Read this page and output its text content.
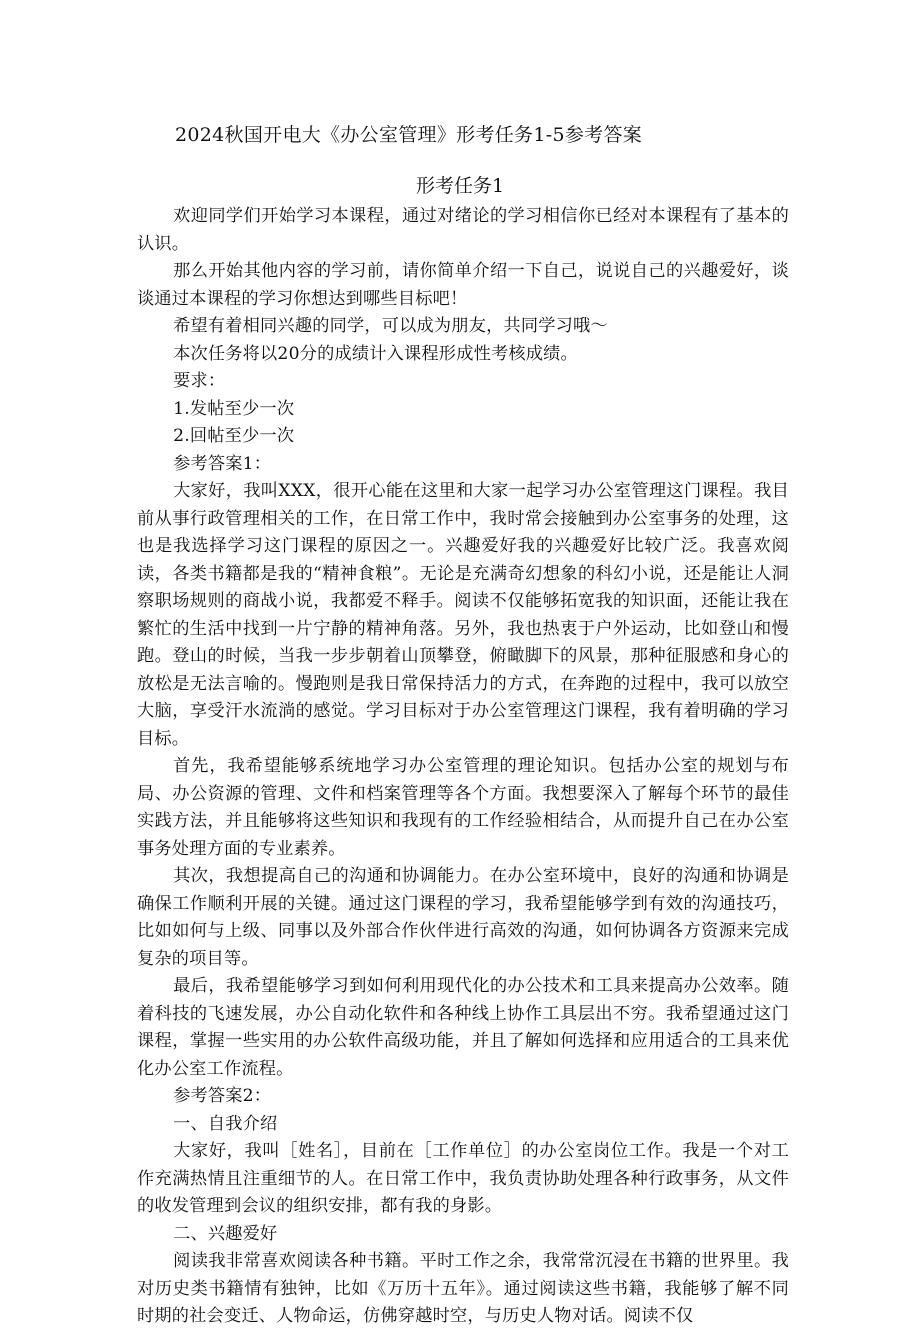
2024秋国开电大《办公室管理》形考任务1-5参考答案
形考任务1

欢迎同学们开始学习本课程，通过对绪论的学习相信你已经对本课程有了基本的认识。

那么开始其他内容的学习前，请你简单介绍一下自己，说说自己的兴趣爱好，谈谈通过本课程的学习你想达到哪些目标吧！

希望有着相同兴趣的同学，可以成为朋友，共同学习哦～

本次任务将以20分的成绩计入课程形成性考核成绩。

要求：

1.发帖至少一次

2.回帖至少一次

参考答案1：

大家好，我叫XXX，很开心能在这里和大家一起学习办公室管理这门课程。我目前从事行政管理相关的工作，在日常工作中，我时常会接触到办公室事务的处理，这也是我选择学习这门课程的原因之一。兴趣爱好我的兴趣爱好比较广泛。我喜欢阅读，各类书籍都是我的“精神食粮”。无论是充满奇幻想象的科幻小说，还是能让人洞察职场规则的商战小说，我都爱不释手。阅读不仅能够拓宽我的知识面，还能让我在繁忙的生活中找到一片宁静的精神角落。另外，我也热衷于户外运动，比如登山和慢跑。登山的时候，当我一步步朝着山顶攀登，俯瞰脚下的风景，那种征服感和身心的放松是无法言喻的。慢跑则是我日常保持活力的方式，在奔跑的过程中，我可以放空大脑，享受汗水流淌的感觉。学习目标对于办公室管理这门课程，我有着明确的学习目标。

首先，我希望能够系统地学习办公室管理的理论知识。包括办公室的规划与布局、办公资源的管理、文件和档案管理等各个方面。我想要深入了解每个环节的最佳实践方法，并且能够将这些知识和我现有的工作经验相结合，从而提升自己在办公室事务处理方面的专业素养。

其次，我想提高自己的沟通和协调能力。在办公室环境中，良好的沟通和协调是确保工作顺利开展的关键。通过这门课程的学习，我希望能够学到有效的沟通技巧，比如如何与上级、同事以及外部合作伙伴进行高效的沟通，如何协调各方资源来完成复杂的项目等。

最后，我希望能够学习到如何利用现代化的办公技术和工具来提高办公效率。随着科技的飞速发展，办公自动化软件和各种线上协作工具层出不穷。我希望通过这门课程，掌握一些实用的办公软件高级功能，并且了解如何选择和应用适合的工具来优化办公室工作流程。

参考答案2：

一、自我介绍

大家好，我叫［姓名］，目前在［工作单位］的办公室岗位工作。我是一个对工作充满热情且注重细节的人。在日常工作中，我负责协助处理各种行政事务，从文件的收发管理到会议的组织安排，都有我的身影。

二、兴趣爱好

阅读我非常喜欢阅读各种书籍。平时工作之余，我常常沉浸在书籍的世界里。我对历史类书籍情有独钟，比如《万历十五年》。通过阅读这些书籍，我能够了解不同时期的社会变迁、人物命运，仿佛穿越时空，与历史人物对话。阅读不仅
